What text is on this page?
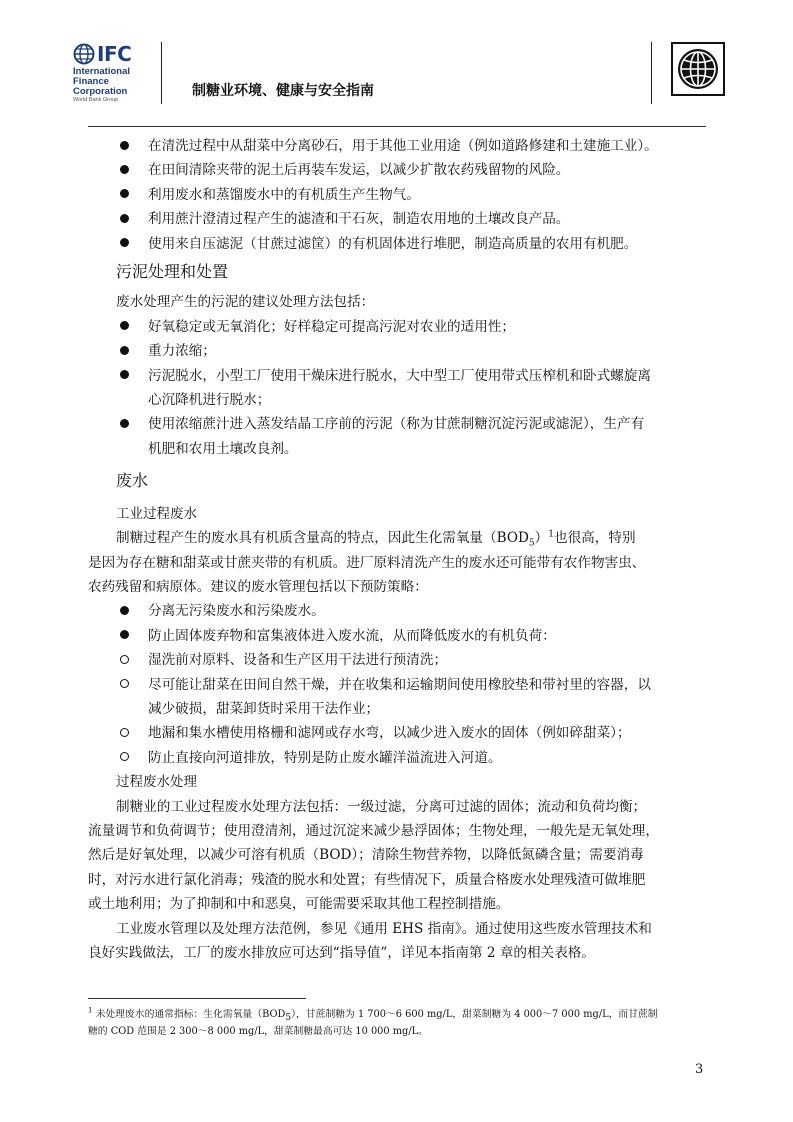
IFC
International
Finance
Corporation
World Bank Group
制糖业环境、健康与安全指南
在清洗过程中从甜菜中分离砂石，用于其他工业用途（例如道路修建和土建施工业）。
在田间清除夹带的泥土后再装车发运，以减少扩散农药残留物的风险。
利用废水和蒸馏废水中的有机质生产生物气。
利用蔗汁澄清过程产生的滤渣和干石灰，制造农用地的土壤改良产品。
使用来自压滤泥（甘蔗过滤筐）的有机固体进行堆肥，制造高质量的农用有机肥。
污泥处理和处置
废水处理产生的污泥的建议处理方法包括：
好氧稳定或无氧消化；好样稳定可提高污泥对农业的适用性；
重力浓缩；
污泥脱水，小型工厂使用干燥床进行脱水，大中型工厂使用带式压榨机和卧式螺旋离
心沉降机进行脱水；
使用浓缩蔗汁进入蒸发结晶工序前的污泥（称为甘蔗制糖沉淀污泥或滤泥），生产有
机肥和农用土壤改良剂。
废水
工业过程废水
制糖过程产生的废水具有机质含量高的特点，因此生化需氧量$(BOD_5)^1$也很高，特别
是因为存在糖和甜菜或甘蔗夹带的有机质。进厂原料清洗产生的废水还可能带有农作物害虫、
农药残留和病原体。建议的废水管理包括以下预防策略：
分离无污染废水和污染废水。
防止固体废弃物和富集液体进入废水流，从而降低废水的有机负荷：
湿洗前对原料、设备和生产区用干法进行预清洗；
尽可能让甜菜在田间自然干燥，并在收集和运输期间使用橡胶垫和带衬里的容器，以
减少破损，甜菜卸货时采用干法作业；
地漏和集水槽使用格栅和滤网或存水弯，以减少进入废水的固体（例如碎甜菜）；
防止直接向河道排放，特别是防止废水罐洋溢流进入河道。
过程废水处理
制糖业的工业过程废水处理方法包括：一级过滤，分离可过滤的固体；流动和负荷均衡；
流量调节和负荷调节；使用澄清剂，通过沉淀来减少悬浮固体；生物处理，一般先是无氧处理，
然后是好氧处理，以减少可溶有机质（BOD）；清除生物营养物，以降低氮磷含量；需要消毒
时，对污水进行氯化消毒；残渣的脱水和处置；有些情况下，质量合格废水处理残渣可做堆肥
或土地利用；为了抑制和中和恶臭，可能需要采取其他工程控制措施。
工业废水管理以及处理方法范例，参见《通用 EHS 指南》。通过使用这些废水管理技术和
良好实践做法，工厂的废水排放应可达到“指导值”，详见本指南第 2 章的相关表格。
$^1$ 未处理废水的通常指标：生化需氧量$(BOD_5)$，甘蔗制糖为 1 700～6 600 mg/L，甜菜制糖为 4 000～7 000 mg/L，而甘蔗制
糖的 COD 范围是 2 300～8 000 mg/L，甜菜制糖最高可达 10 000 mg/L。
3
